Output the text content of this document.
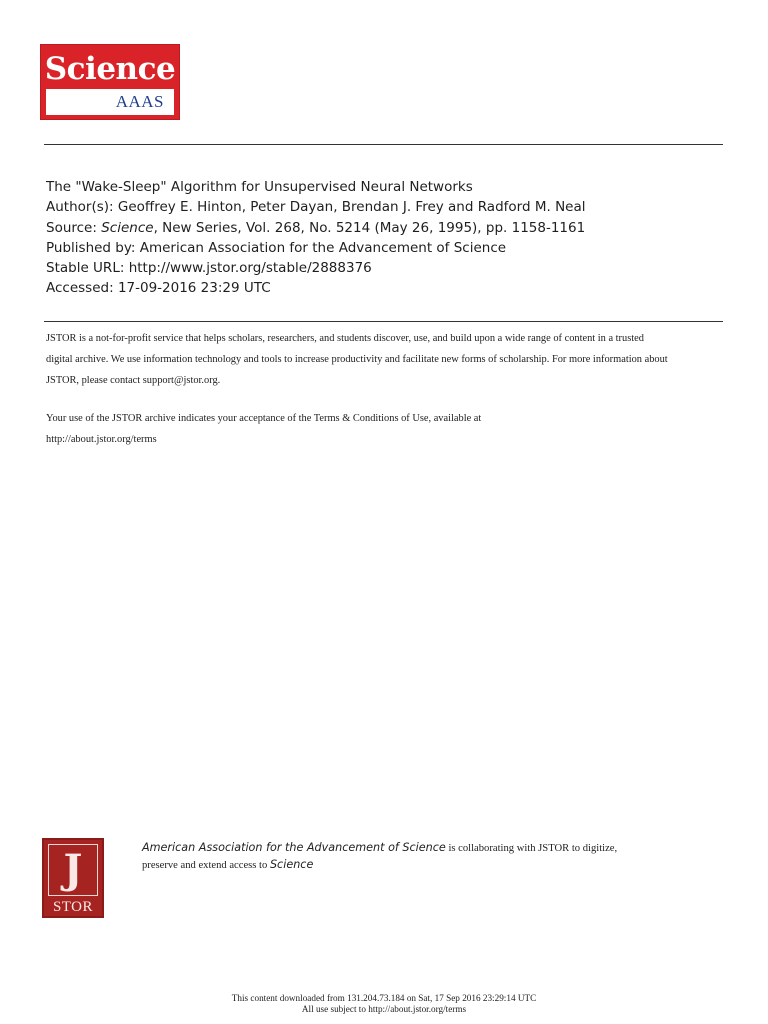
Science
AAAS
The "Wake-Sleep" Algorithm for Unsupervised Neural Networks
Author(s): Geoffrey E. Hinton, Peter Dayan, Brendan J. Frey and Radford M. Neal
Source: Science, New Series, Vol. 268, No. 5214 (May 26, 1995), pp. 1158-1161
Published by: American Association for the Advancement of Science
Stable URL: http://www.jstor.org/stable/2888376
Accessed: 17-09-2016 23:29 UTC
JSTOR is a not-for-profit service that helps scholars, researchers, and students discover, use, and build upon a wide range of content in a trusted
digital archive. We use information technology and tools to increase productivity and facilitate new forms of scholarship. For more information about
JSTOR, please contact support@jstor.org.
Your use of the JSTOR archive indicates your acceptance of the Terms & Conditions of Use, available at
http://about.jstor.org/terms
J
STOR
American Association for the Advancement of Science is collaborating with JSTOR to digitize,
preserve and extend access to Science
This content downloaded from 131.204.73.184 on Sat, 17 Sep 2016 23:29:14 UTC
All use subject to http://about.jstor.org/terms
